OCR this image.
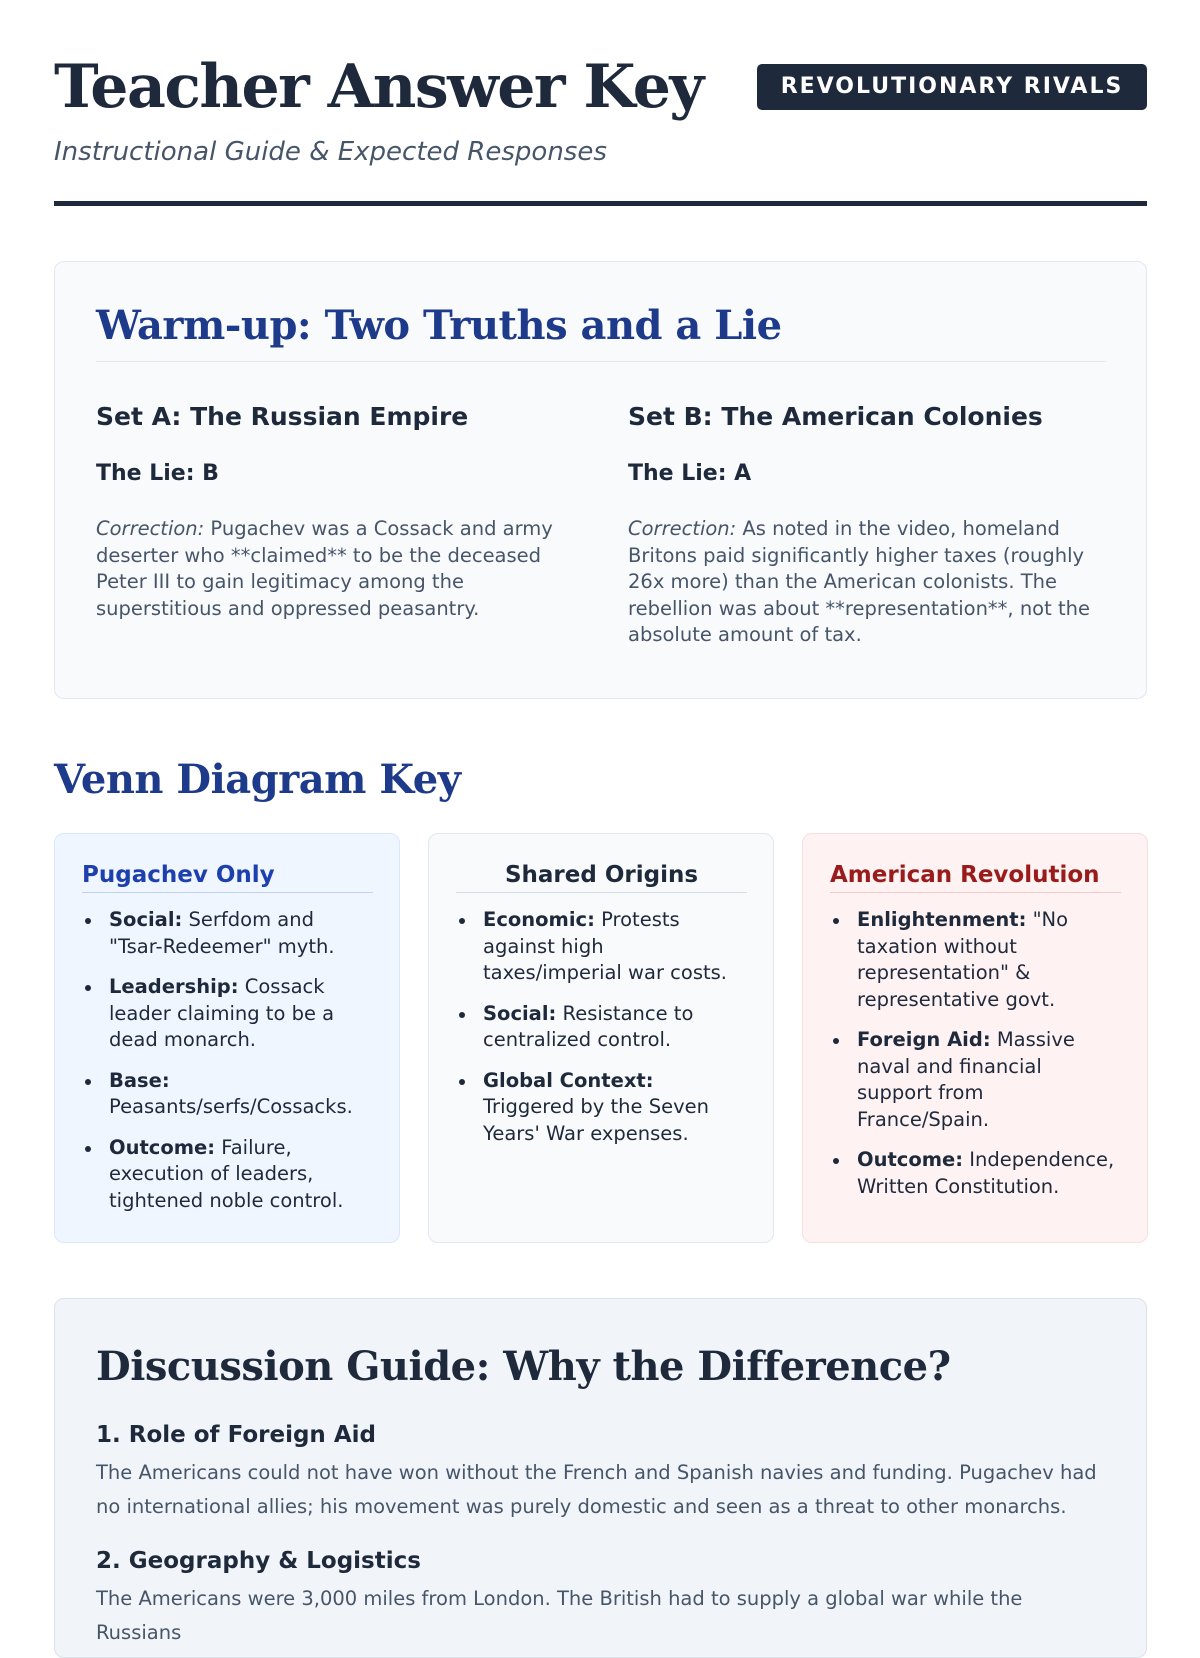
Teacher Answer Key
Instructional Guide & Expected Responses
REVOLUTIONARY RIVALS
Warm-up: Two Truths and a Lie
Set A: The Russian Empire
The Lie: B

Correction: Pugachev was a Cossack and army deserter who **claimed** to be the deceased Peter III to gain legitimacy among the superstitious and oppressed peasantry.

Set B: The American Colonies
The Lie: A

Correction: As noted in the video, homeland Britons paid significantly higher taxes (roughly 26x more) than the American colonists. The rebellion was about **representation**, not the absolute amount of tax.

Venn Diagram Key
Pugachev Only
Social: Serfdom and "Tsar-Redeemer" myth.
Leadership: Cossack leader claiming to be a dead monarch.
Base: Peasants/serfs/Cossacks.
Outcome: Failure, execution of leaders, tightened noble control.
Shared Origins
Economic: Protests against high taxes/imperial war costs.
Social: Resistance to centralized control.
Global Context: Triggered by the Seven Years' War expenses.
American Revolution
Enlightenment: "No taxation without representation" & representative govt.
Foreign Aid: Massive naval and financial support from France/Spain.
Outcome: Independence, Written Constitution.
Discussion Guide: Why the Difference?
1. Role of Foreign Aid

The Americans could not have won without the French and Spanish navies and funding. Pugachev had no international allies; his movement was purely domestic and seen as a threat to other monarchs.

2. Geography & Logistics

The Americans were 3,000 miles from London. The British had to supply a global war while the Russians
